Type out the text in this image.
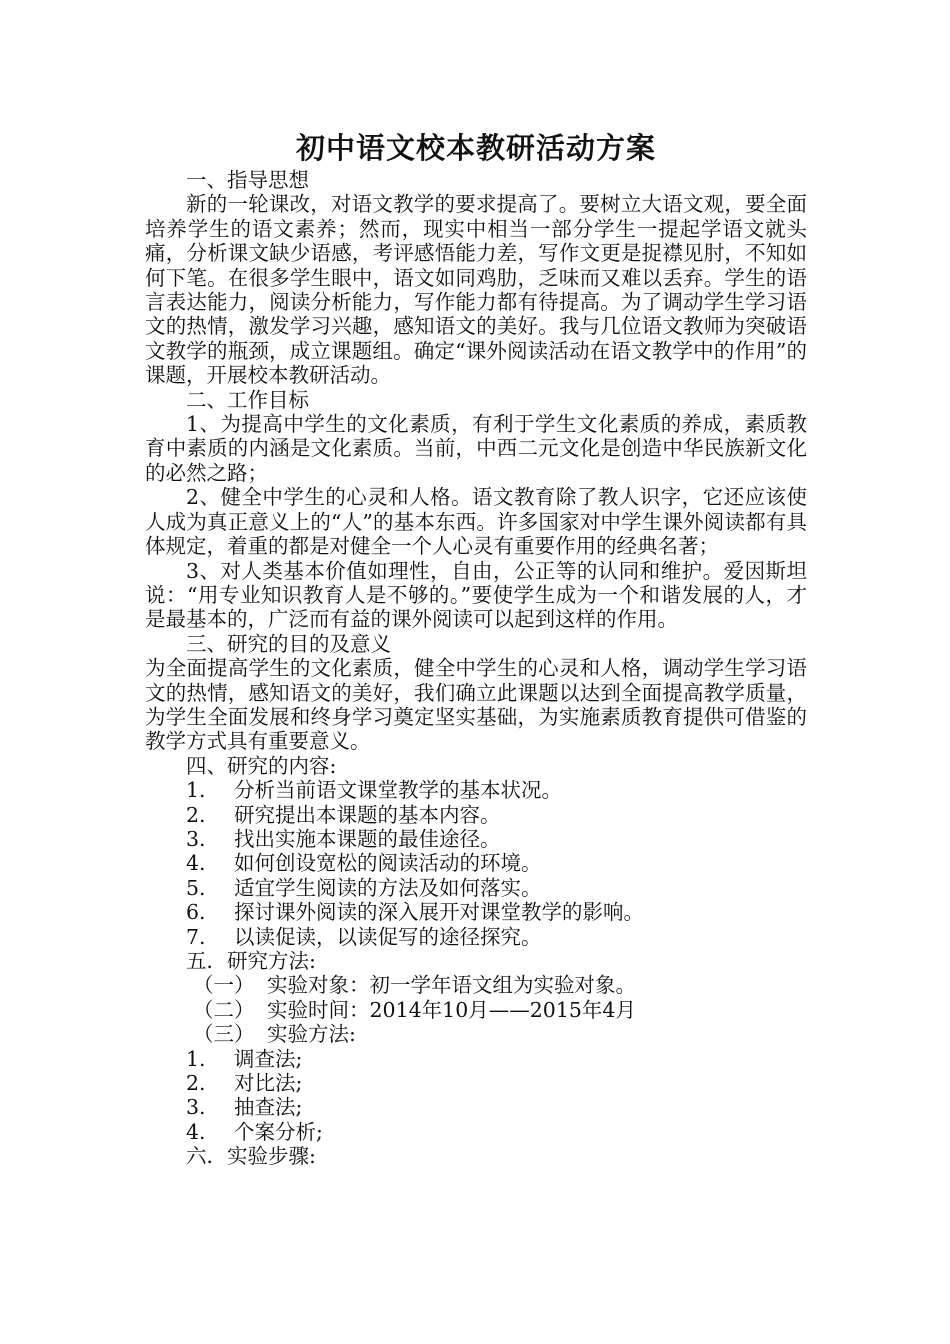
初中语文校本教研活动方案

一、指导思想

新的一轮课改，对语文教学的要求提高了。要树立大语文观，要全面培养学生的语文素养；然而，现实中相当一部分学生一提起学语文就头痛，分析课文缺少语感，考评感悟能力差，写作文更是捉襟见肘，不知如何下笔。在很多学生眼中，语文如同鸡肋，乏味而又难以丢弃。学生的语言表达能力，阅读分析能力，写作能力都有待提高。为了调动学生学习语文的热情，激发学习兴趣，感知语文的美好。我与几位语文教师为突破语文教学的瓶颈，成立课题组。确定“课外阅读活动在语文教学中的作用”的课题，开展校本教研活动。

二、工作目标

1、为提高中学生的文化素质，有利于学生文化素质的养成，素质教育中素质的内涵是文化素质。当前，中西二元文化是创造中华民族新文化的必然之路；

2、健全中学生的心灵和人格。语文教育除了教人识字，它还应该使人成为真正意义上的“人”的基本东西。许多国家对中学生课外阅读都有具体规定，着重的都是对健全一个人心灵有重要作用的经典名著；

3、对人类基本价值如理性，自由，公正等的认同和维护。爱因斯坦说：“用专业知识教育人是不够的。”要使学生成为一个和谐发展的人，才是最基本的，广泛而有益的课外阅读可以起到这样的作用。

三、研究的目的及意义

为全面提高学生的文化素质，健全中学生的心灵和人格，调动学生学习语文的热情，感知语文的美好，我们确立此课题以达到全面提高教学质量，为学生全面发展和终身学习奠定坚实基础，为实施素质教育提供可借鉴的教学方式具有重要意义。

四、研究的内容:

1.	分析当前语文课堂教学的基本状况。
2.	研究提出本课题的基本内容。
3.	找出实施本课题的最佳途径。
4.	如何创设宽松的阅读活动的环境。
5.	适宜学生阅读的方法及如何落实。
6.	探讨课外阅读的深入展开对课堂教学的影响。
7.	以读促读，以读促写的途径探究。

五．研究方法:

（一） 实验对象：初一学年语文组为实验对象。
（二） 实验时间：2014年10月——2015年4月
（三） 实验方法:
1.	调查法;
2.	对比法;
3.	抽查法;
4.	个案分析;

六．实验步骤:
